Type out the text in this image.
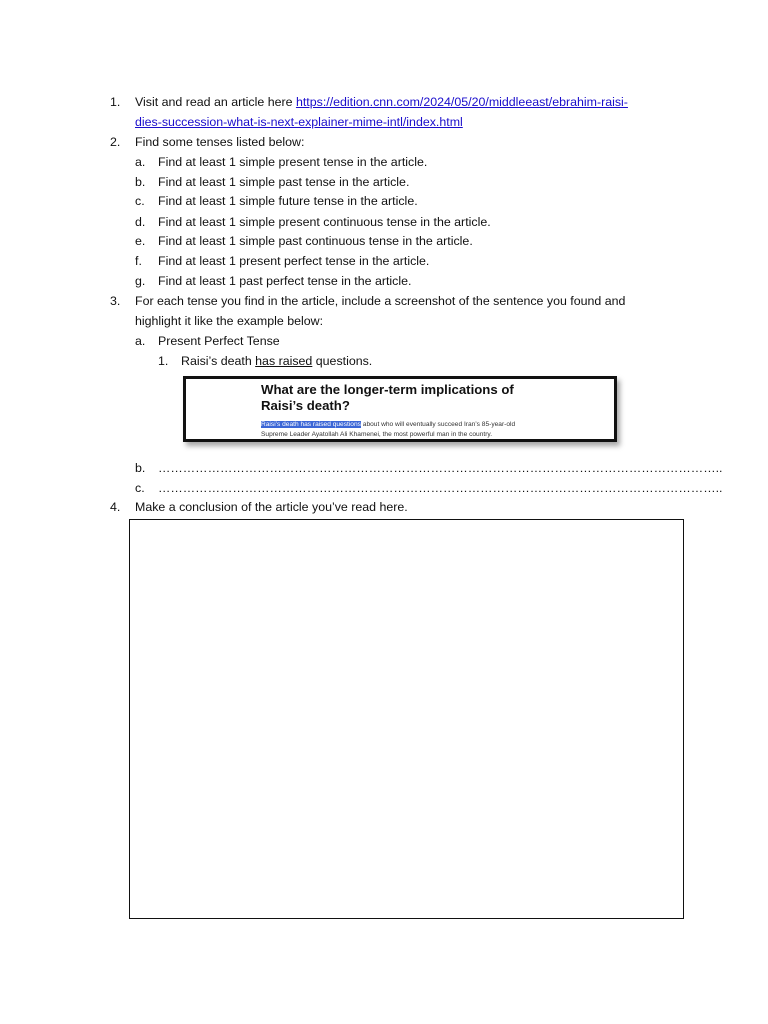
1. Visit and read an article here https://edition.cnn.com/2024/05/20/middleeast/ebrahim-raisi-
dies-succession-what-is-next-explainer-mime-intl/index.html
2. Find some tenses listed below:
a. Find at least 1 simple present tense in the article.
b. Find at least 1 simple past tense in the article.
c. Find at least 1 simple future tense in the article.
d. Find at least 1 simple present continuous tense in the article.
e. Find at least 1 simple past continuous tense in the article.
f. Find at least 1 present perfect tense in the article.
g. Find at least 1 past perfect tense in the article.
3. For each tense you find in the article, include a screenshot of the sentence you found and
highlight it like the example below:
a. Present Perfect Tense
1. Raisi’s death has raised questions.
What are the longer-term implications of
Raisi’s death?
Raisi’s death has raised questions about who will eventually succeed Iran’s 85-year-old
Supreme Leader Ayatollah Ali Khamenei, the most powerful man in the country.
b. ………………………………………………………………………………………………………………………..
c. ………………………………………………………………………………………………………………………..
4. Make a conclusion of the article you’ve read here.
